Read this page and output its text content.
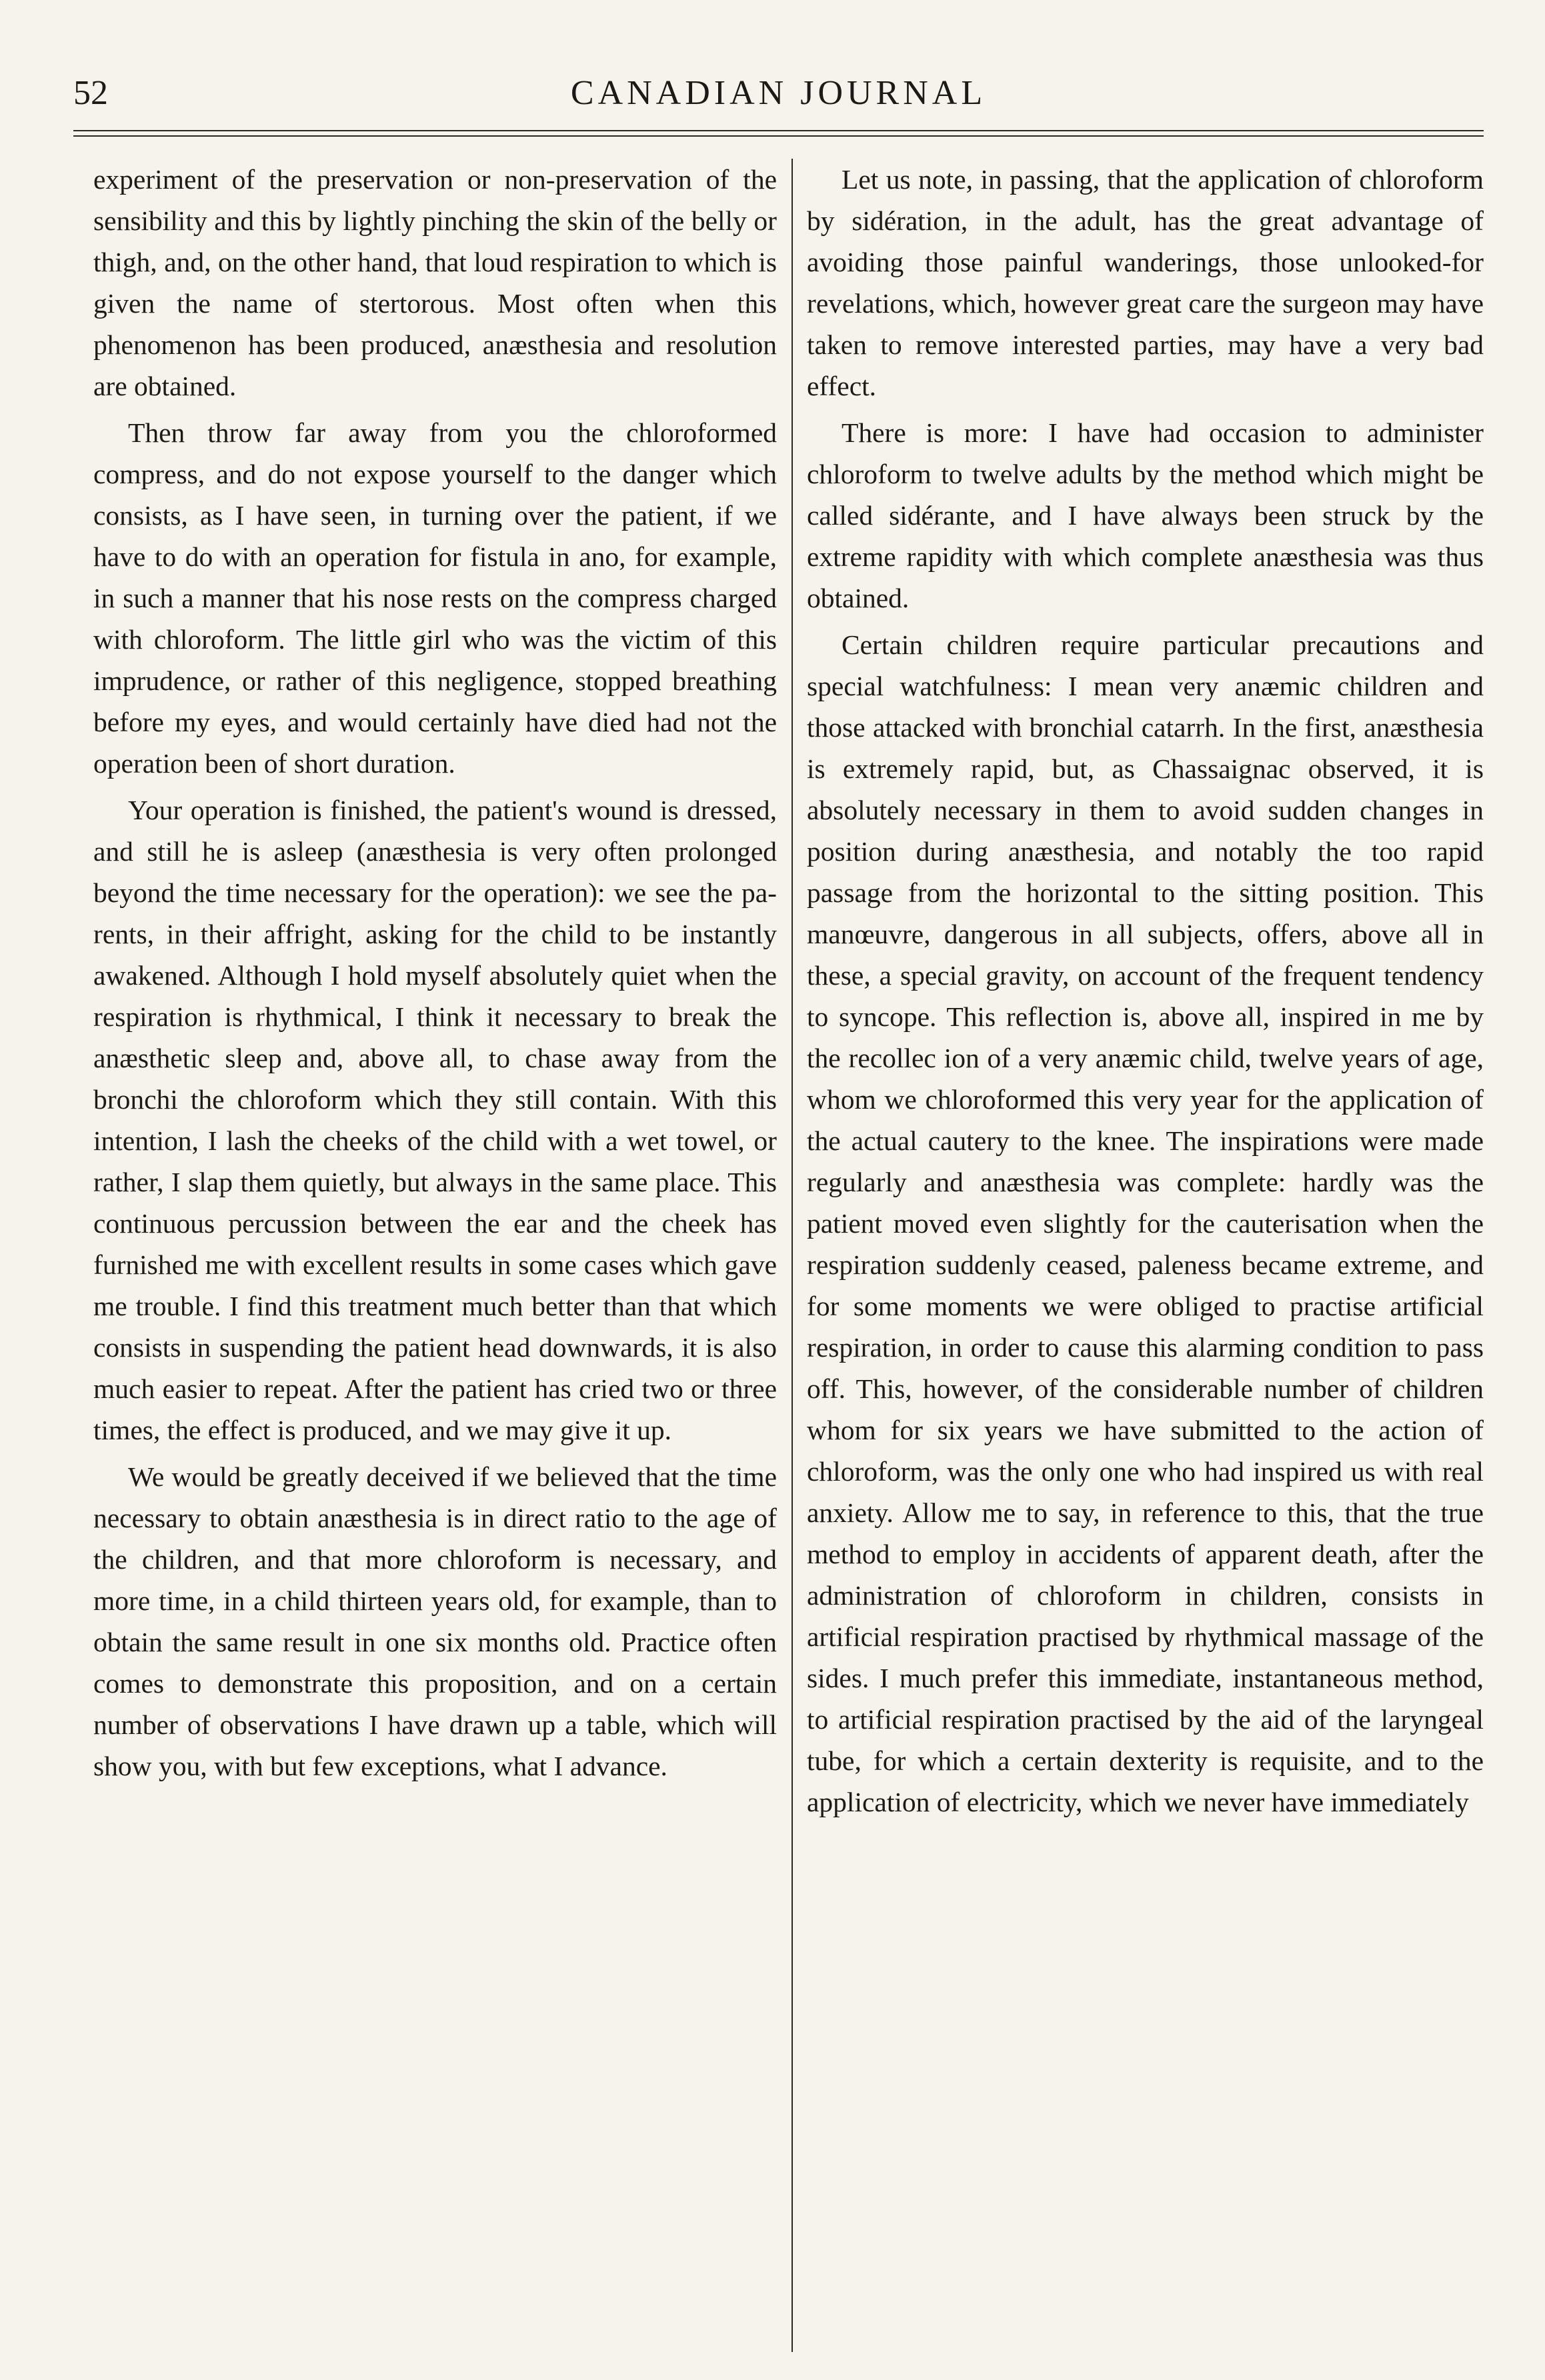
52	CANADIAN JOURNAL

experiment of the preservation or non-preservation of the sensibility and this by lightly pinching the skin of the belly or thigh, and, on the other hand, that loud respiration to which is given the name of stertorous. Most often when this phenomenon has been produced, anæsthesia and resolution are obtained.

Then throw far away from you the chloroformed compress, and do not expose yourself to the danger which consists, as I have seen, in turning over the patient, if we have to do with an operation for fistula in ano, for example, in such a manner that his nose rests on the compress charged with chloroform. The little girl who was the victim of this imprudence, or rather of this negligence, stopped breathing before my eyes, and would certainly have died had not the operation been of short duration.

Your operation is finished, the patient's wound is dressed, and still he is asleep (anæsthesia is very often prolonged beyond the time necessary for the operation): we see the parents, in their affright, asking for the child to be instantly awakened. Although I hold myself absolutely quiet when the respiration is rhythmical, I think it necessary to break the anæsthetic sleep and, above all, to chase away from the bronchi the chloroform which they still contain. With this intention, I lash the cheeks of the child with a wet towel, or rather, I slap them quietly, but always in the same place. This continuous percussion between the ear and the cheek has furnished me with excellent results in some cases which gave me trouble. I find this treatment much better than that which consists in suspending the patient head downwards, it is also much easier to repeat. After the patient has cried two or three times, the effect is produced, and we may give it up.

We would be greatly deceived if we believed that the time necessary to obtain anæsthesia is in direct ratio to the age of the children, and that more chloroform is necessary, and more time, in a child thirteen years old, for example, than to obtain the same result in one six months old. Practice often comes to demonstrate this proposition, and on a certain number of observations I have drawn up a table, which will show you, with but few exceptions, what I advance.

Let us note, in passing, that the application of chloroform by sidération, in the adult, has the great advantage of avoiding those painful wanderings, those unlooked-for revelations, which, however great care the surgeon may have taken to remove interested parties, may have a very bad effect.

There is more: I have had occasion to administer chloroform to twelve adults by the method which might be called sidérante, and I have always been struck by the extreme rapidity with which complete anæsthesia was thus obtained.

Certain children require particular precautions and special watchfulness: I mean very anæmic children and those attacked with bronchial catarrh. In the first, anæsthesia is extremely rapid, but, as Chassaignac observed, it is absolutely necessary in them to avoid sudden changes in position during anæsthesia, and notably the too rapid passage from the horizontal to the sitting position. This manœuvre, dangerous in all subjects, offers, above all in these, a special gravity, on account of the frequent tendency to syncope. This reflection is, above all, inspired in me by the recollec ion of a very anæmic child, twelve years of age, whom we chloroformed this very year for the application of the actual cautery to the knee. The inspirations were made regularly and anæsthesia was complete: hardly was the patient moved even slightly for the cauterisation when the respiration suddenly ceased, paleness became extreme, and for some moments we were obliged to practise artificial respiration, in order to cause this alarming condition to pass off. This, however, of the considerable number of children whom for six years we have submitted to the action of chloroform, was the only one who had inspired us with real anxiety. Allow me to say, in reference to this, that the true method to employ in accidents of apparent death, after the administration of chloroform in children, consists in artificial respiration practised by rhythmical massage of the sides. I much prefer this immediate, instantaneous method, to artificial respiration practised by the aid of the laryngeal tube, for which a certain dexterity is requisite, and to the application of electricity, which we never have immediately
